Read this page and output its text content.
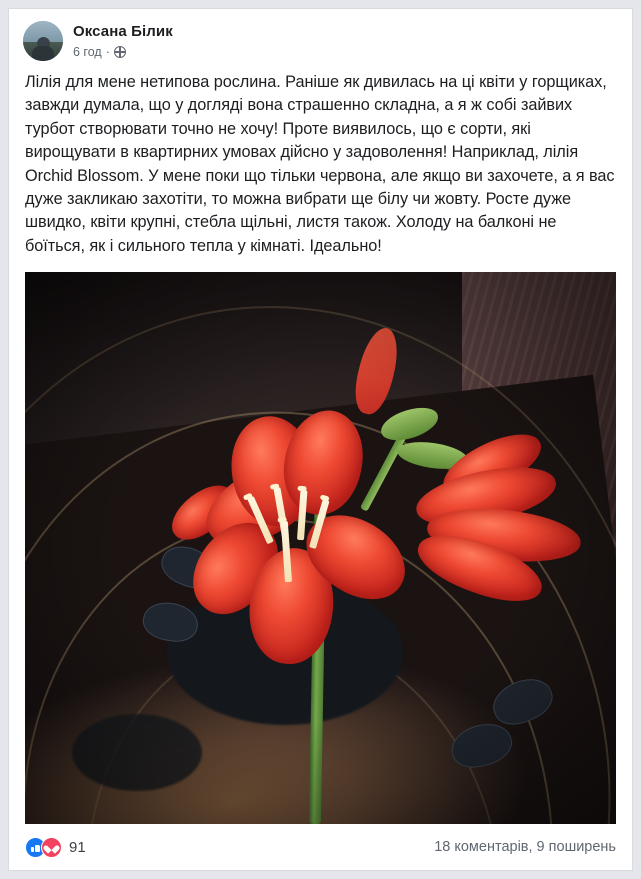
Оксана Білик
6 год ·
Лілія для мене нетипова рослина. Раніше як дивилась на ці квіти у горщиках, завжди думала, що у догляді вона страшенно складна, а я ж собі зайвих турбот створювати точно не хочу! Проте виявилось, що є сорти, які вирощувати в квартирних умовах дійсно у задоволення! Наприклад, лілія Orchid Blossom. У мене поки що тільки червона, але якщо ви захочете, а я вас дуже закликаю захотіти, то можна вибрати ще білу чи жовту. Росте дуже швидко, квіти крупні, стебла щільні, листя також. Холоду на балконі не боїться, як і сильного тепла у кімнаті. Ідеально!
91	18 коментарів, 9 поширень
